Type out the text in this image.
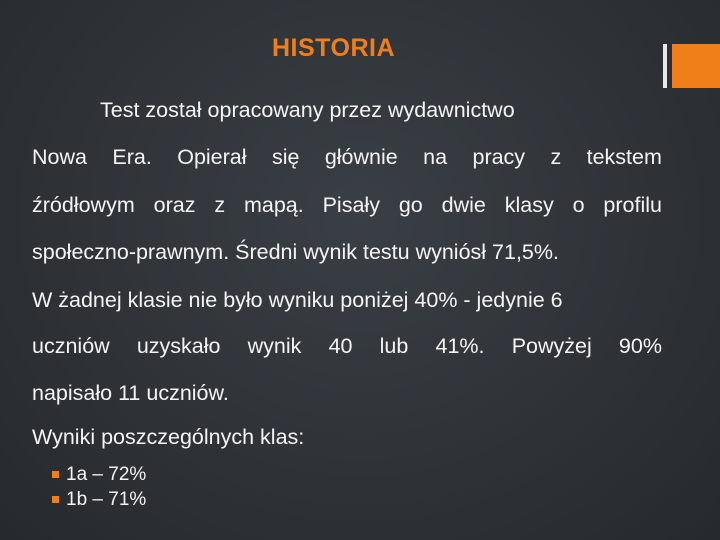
HISTORIA
Test został opracowany przez wydawnictwo
Nowa Era. Opierał się głównie na pracy z tekstem
źródłowym oraz z mapą. Pisały go dwie klasy o profilu
społeczno-prawnym. Średni wynik testu wyniósł 71,5%.
W żadnej klasie nie było wyniku poniżej 40% - jedynie 6
uczniów uzyskało wynik 40 lub 41%. Powyżej 90%
napisało 11 uczniów.
Wyniki poszczególnych klas:
1a – 72%
1b – 71%
